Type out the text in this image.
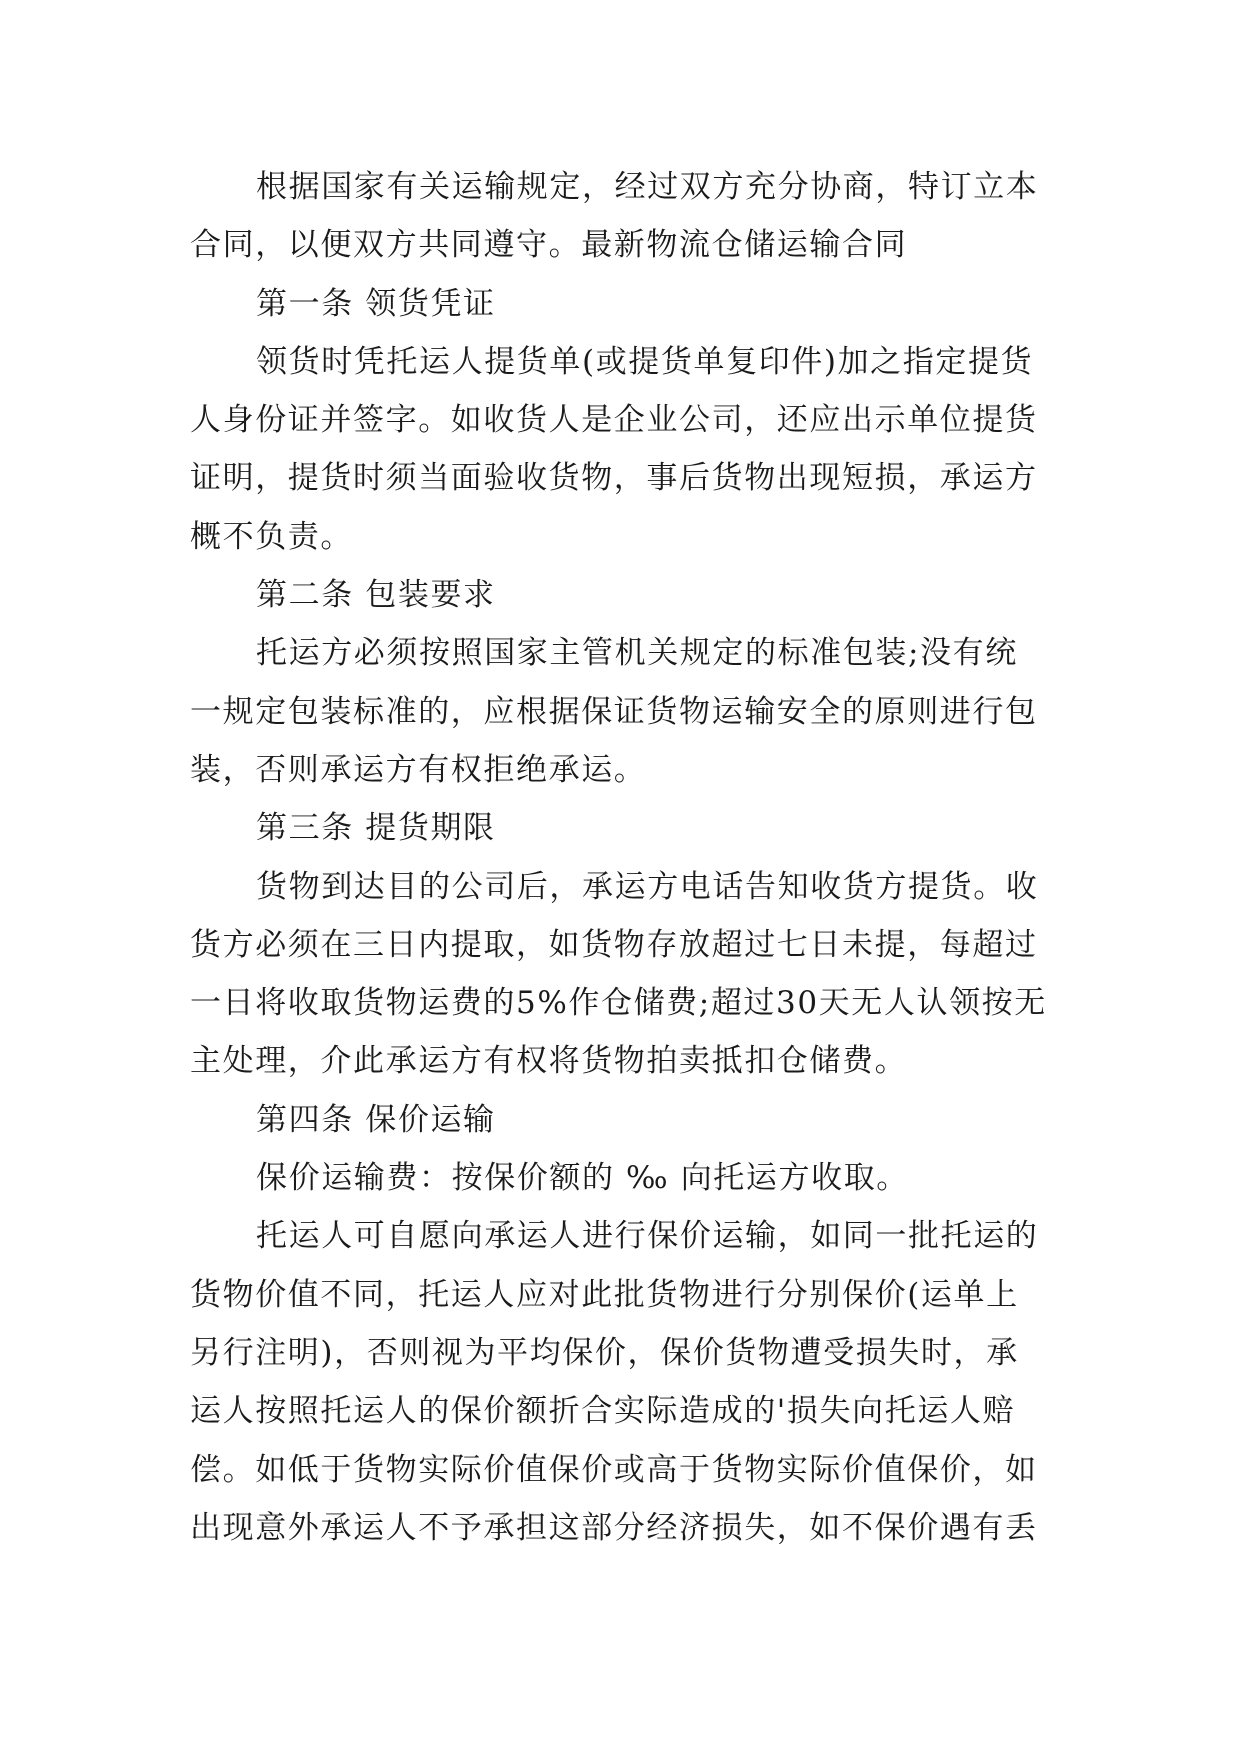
根据国家有关运输规定，经过双方充分协商，特订立本
合同，以便双方共同遵守。最新物流仓储运输合同
第一条 领货凭证
领货时凭托运人提货单(或提货单复印件)加之指定提货
人身份证并签字。如收货人是企业公司，还应出示单位提货
证明，提货时须当面验收货物，事后货物出现短损，承运方
概不负责。
第二条 包装要求
托运方必须按照国家主管机关规定的标准包装;没有统
一规定包装标准的，应根据保证货物运输安全的原则进行包
装，否则承运方有权拒绝承运。
第三条 提货期限
货物到达目的公司后，承运方电话告知收货方提货。收
货方必须在三日内提取，如货物存放超过七日未提，每超过
一日将收取货物运费的5%作仓储费;超过30天无人认领按无
主处理，介此承运方有权将货物拍卖抵扣仓储费。
第四条 保价运输
保价运输费：按保价额的 ‰ 向托运方收取。
托运人可自愿向承运人进行保价运输，如同一批托运的
货物价值不同，托运人应对此批货物进行分别保价(运单上
另行注明)，否则视为平均保价，保价货物遭受损失时，承
运人按照托运人的保价额折合实际造成的'损失向托运人赔
偿。如低于货物实际价值保价或高于货物实际价值保价，如
出现意外承运人不予承担这部分经济损失，如不保价遇有丢
